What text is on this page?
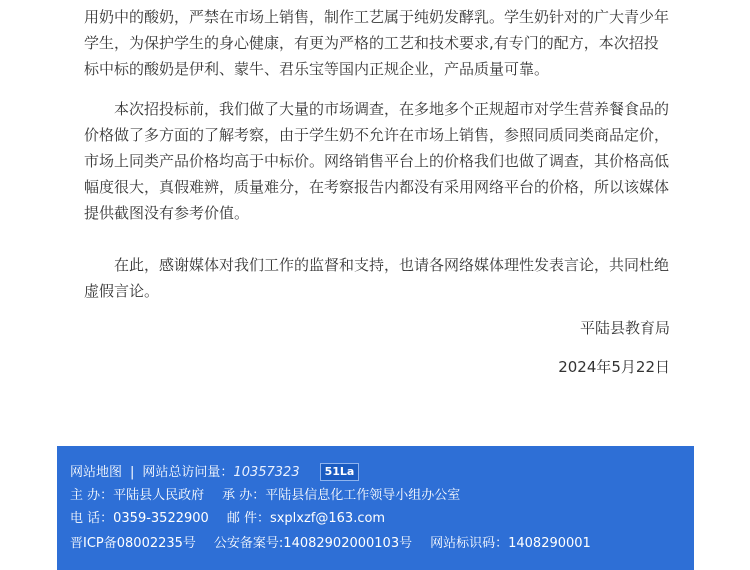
用奶中的酸奶，严禁在市场上销售，制作工艺属于纯奶发酵乳。学生奶针对的广大青少年
学生，为保护学生的身心健康，有更为严格的工艺和技术要求,有专门的配方，本次招投
标中标的酸奶是伊利、蒙牛、君乐宝等国内正规企业，产品质量可靠。
本次招投标前，我们做了大量的市场调查，在多地多个正规超市对学生营养餐食品的
价格做了多方面的了解考察，由于学生奶不允许在市场上销售，参照同质同类商品定价，
市场上同类产品价格均高于中标价。网络销售平台上的价格我们也做了调查，其价格高低
幅度很大，真假难辨，质量难分，在考察报告内都没有采用网络平台的价格，所以该媒体
提供截图没有参考价值。
在此，感谢媒体对我们工作的监督和支持，也请各网络媒体理性发表言论，共同杜绝
虚假言论。
平陆县教育局
2024年5月22日
网站地图 | 网站总访问量：10357323 51La
主 办：平陆县人民政府 承 办：平陆县信息化工作领导小组办公室
电 话：0359-3522900 邮 件：sxplxzf@163.com
晋ICP备08002235号 公安备案号:14082902000103号 网站标识码：1408290001
